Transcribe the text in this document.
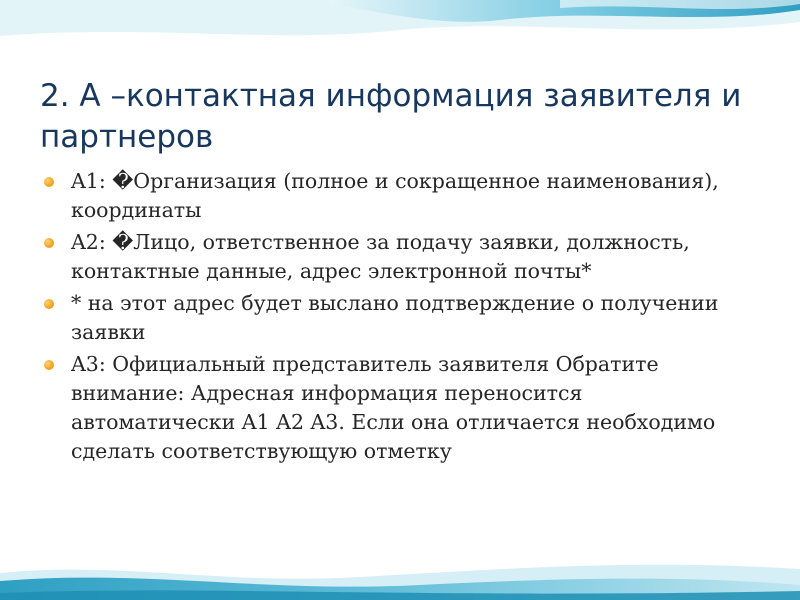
2. А –контактная информация заявителя и партнеров
A1: �Организация (полное и сокращенное наименования), координаты
A2: �Лицо, ответственное за подачу заявки, должность, контактные данные, адрес электронной почты*
* на этот адрес будет выслано подтверждение о получении заявки
A3: Официальный представитель заявителя Обратите внимание: Адресная информация переносится автоматически A1 A2 A3. Если она отличается необходимо сделать соответствующую отметку
